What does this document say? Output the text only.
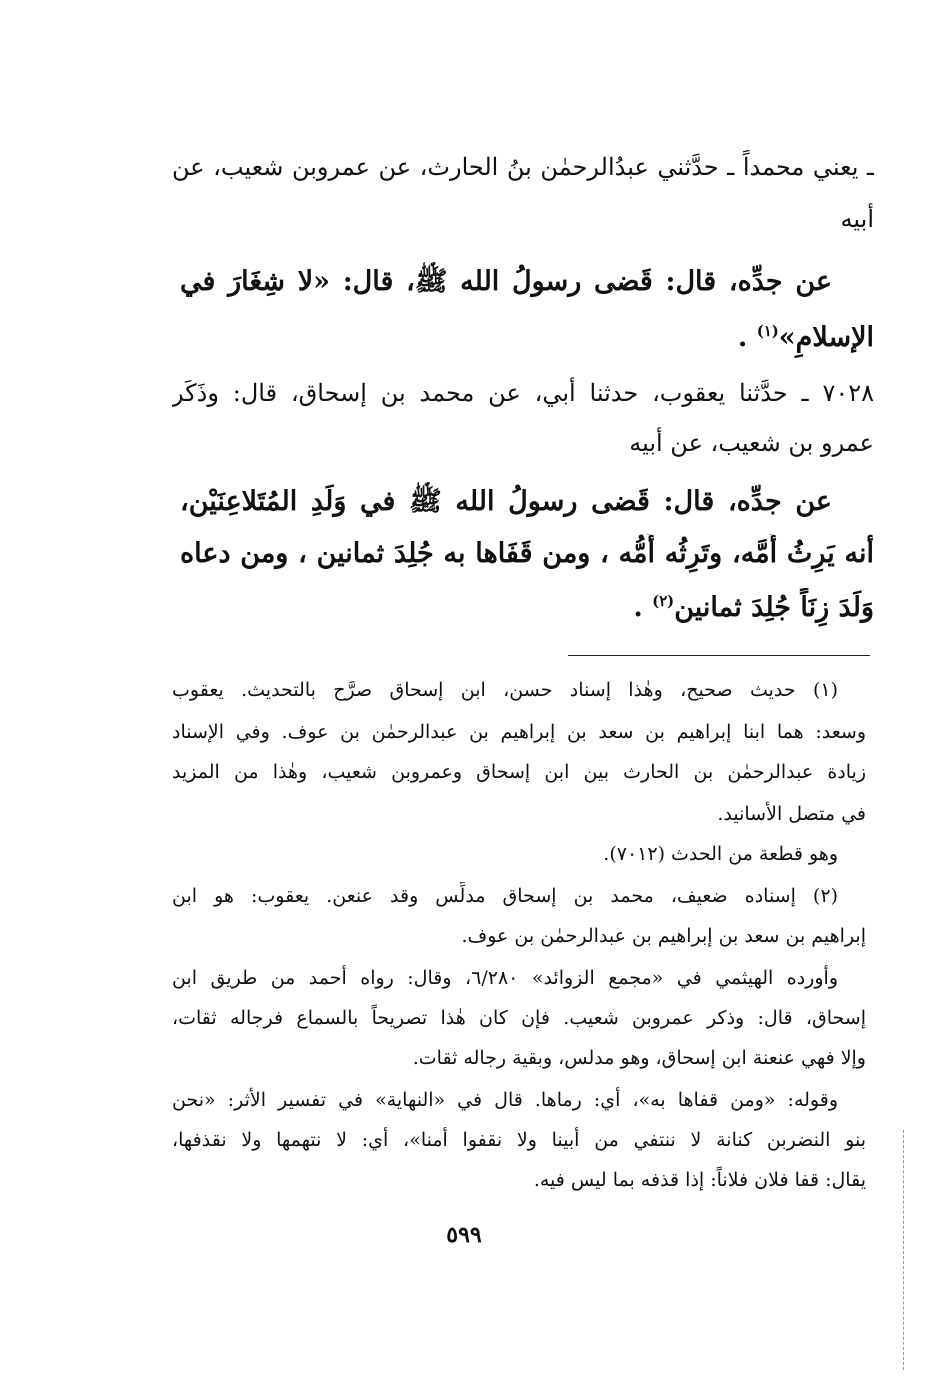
ـ يعني محمداً ـ حدَّثني عبدُالرحمٰن بنُ الحارث، عن عمروبن شعيب، عن

أبيه

عن جدِّه، قال: قَضى رسولُ الله ﷺ، قال: «لا شِغَارَ في

الإسلامِ»$^{(١)}$ .

٧٠٢٨ ـ حدَّثنا يعقوب، حدثنا أبي، عن محمد بن إسحاق، قال: وذَكَر

عمرو بن شعيب، عن أبيه

عن جدِّه، قال: قَضى رسولُ الله ﷺ في وَلَدِ المُتَلاعِنَيْن،

أنه يَرِثُ أُمَّه، وتَرِثُه أُمُّه ، ومن قَفَاها به جُلِدَ ثمانين ، ومن دعاه

وَلَدَ زِنَاً جُلِدَ ثمانين$^{(٢)}$ .

(١) حديث صحيح، وهٰذا إسناد حسن، ابن إسحاق صرَّح بالتحديث. يعقوب

وسعد: هما ابنا إبراهيم بن سعد بن إبراهيم بن عبدالرحمٰن بن عوف. وفي الإسناد

زيادة عبدالرحمٰن بن الحارث بين ابن إسحاق وعمروبن شعيب، وهٰذا من المزيد

في متصل الأسانيد.

وهو قطعة من الحدث (٧٠١٢).

(٢) إسناده ضعيف، محمد بن إسحاق مدلِّس وقد عنعن. يعقوب: هو ابن

إبراهيم بن سعد بن إبراهيم بن عبدالرحمٰن بن عوف.

وأورده الهيثمي في «مجمع الزوائد» ٦/٢٨٠، وقال: رواه أحمد من طريق ابن

إسحاق، قال: وذكر عمروبن شعيب. فإن كان هٰذا تصريحاً بالسماع فرجاله ثقات،

وإلا فهي عنعنة ابن إسحاق، وهو مدلس، وبقية رجاله ثقات.

وقوله: «ومن قفاها به»، أي: رماها. قال في «النهاية» في تفسير الأثر: «نحن

بنو النضربن كنانة لا ننتفي من أبينا ولا نقفوا أمنا»، أي: لا نتهمها ولا نقذفها،

يقال: قفا فلان فلاناً: إذا قذفه بما ليس فيه.

٥٩٩
